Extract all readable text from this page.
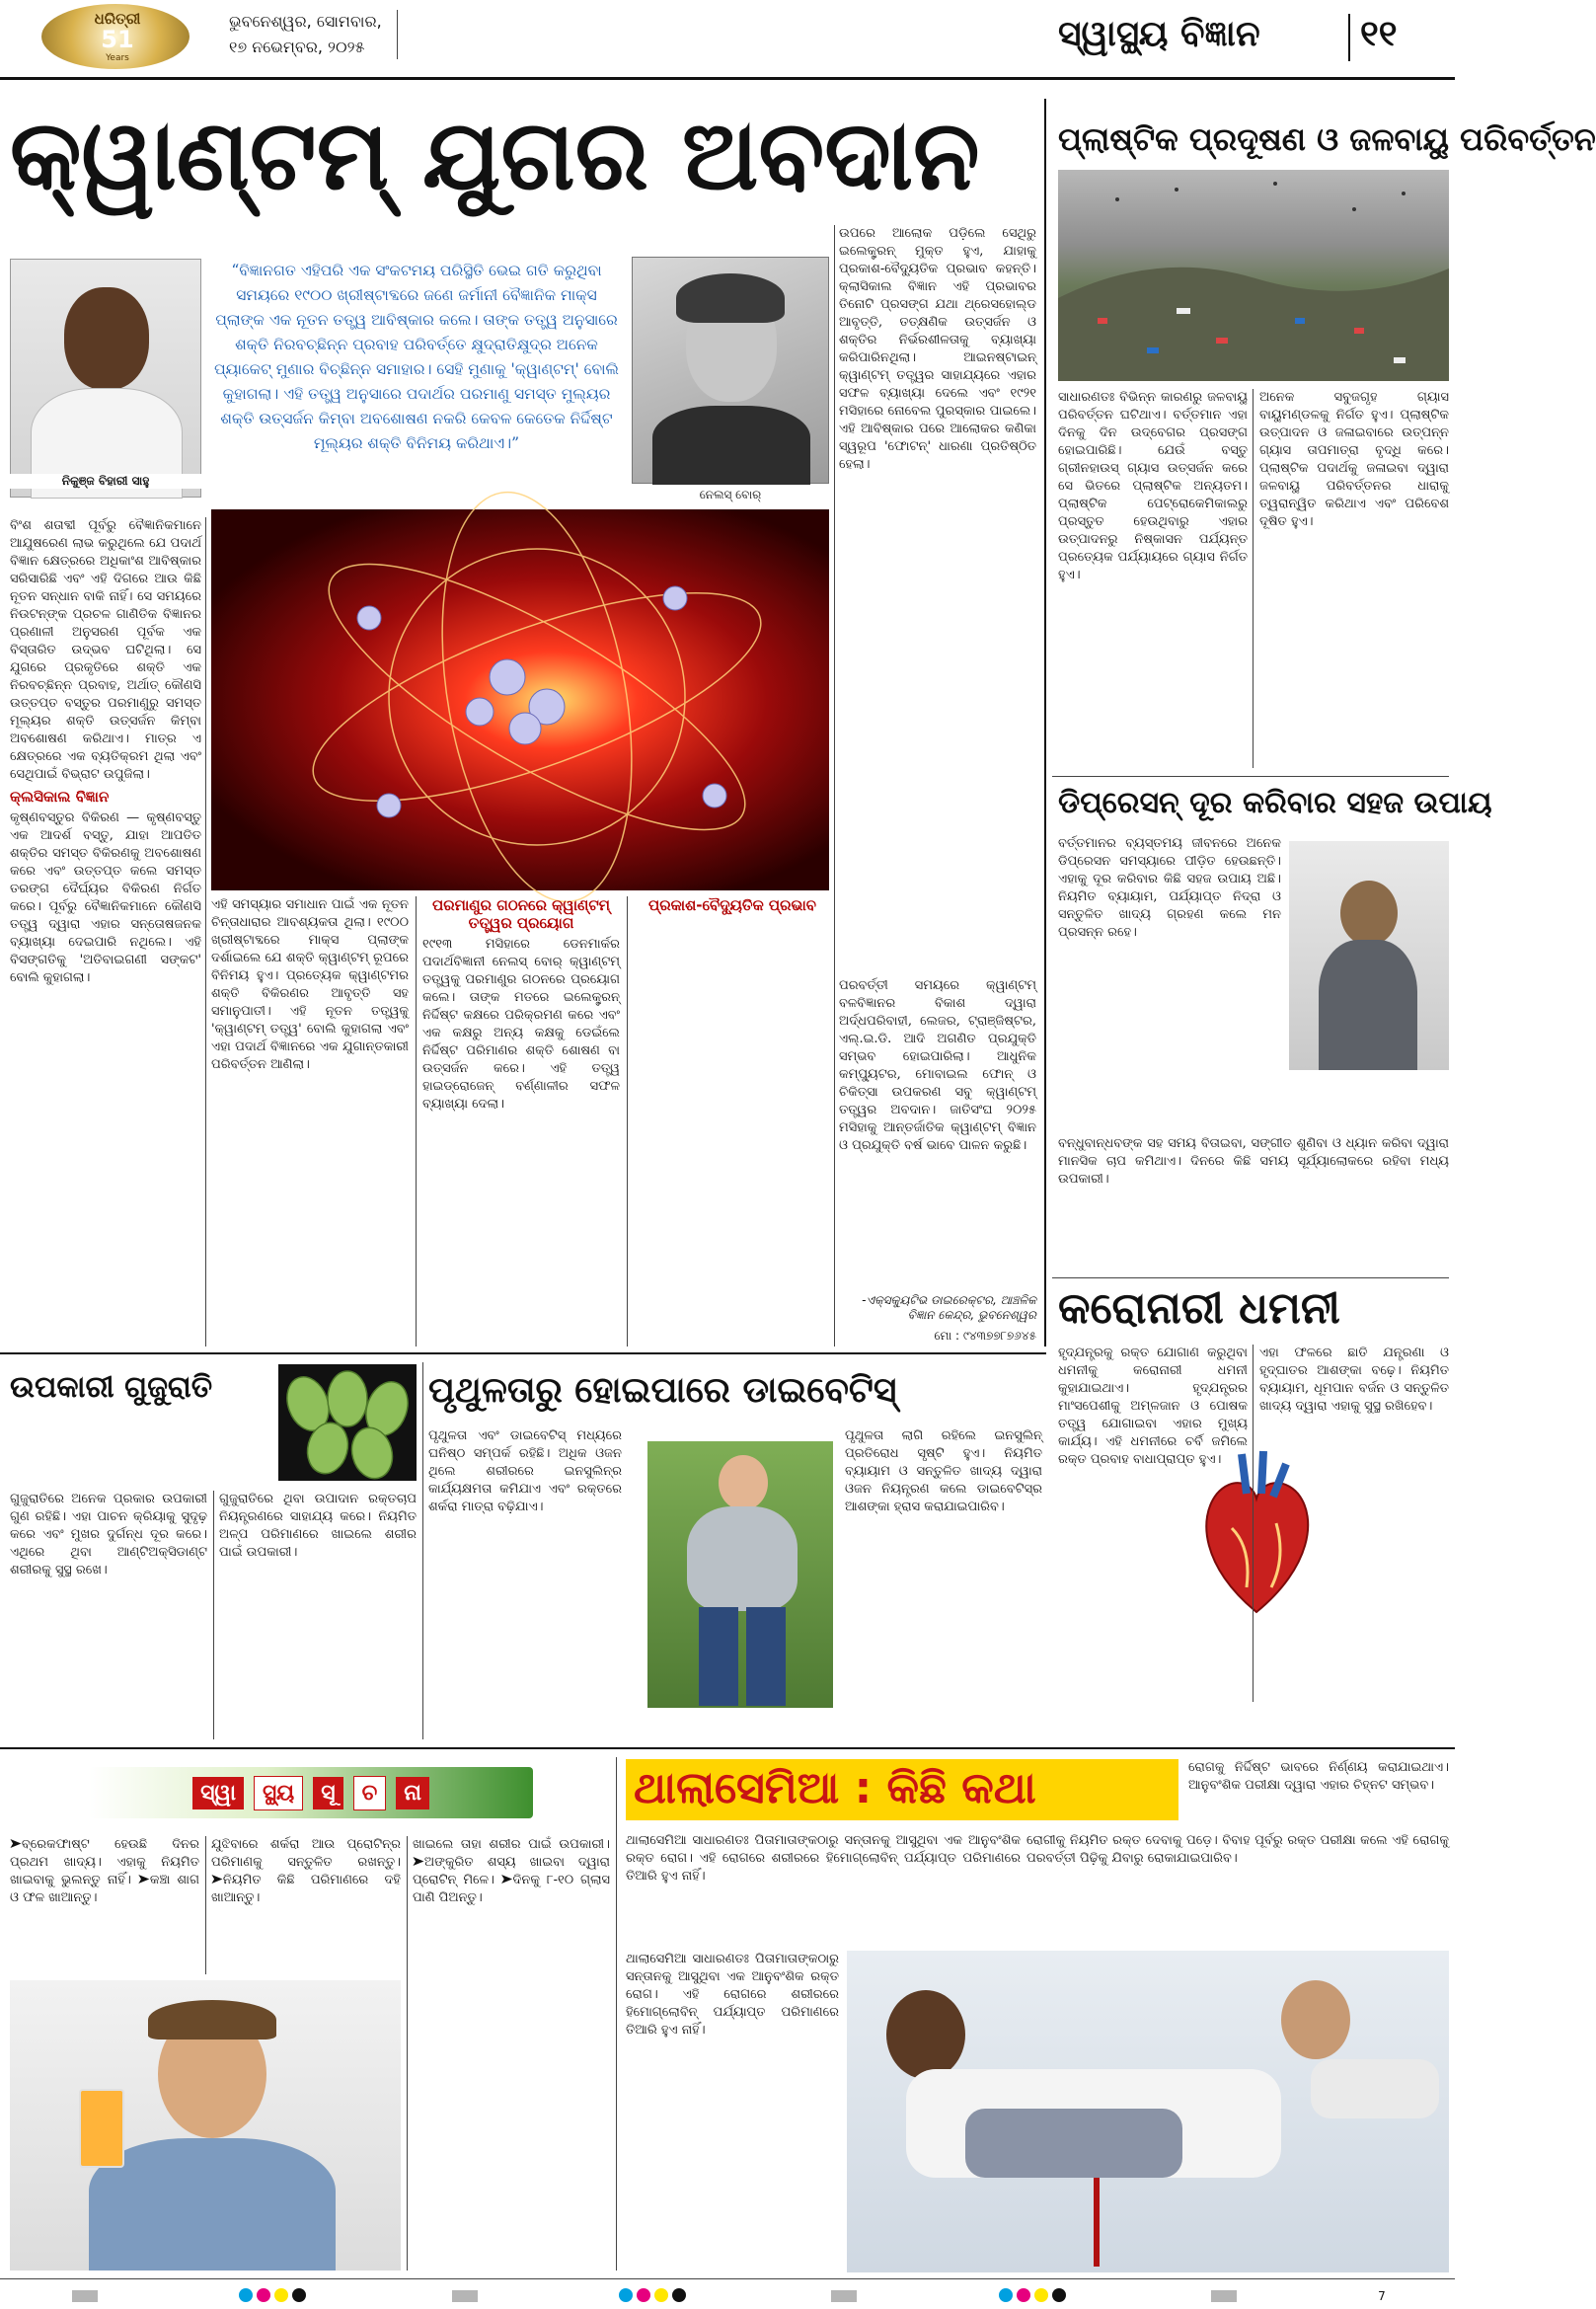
ଧରିତ୍ରୀ
51
Years
ଭୁବନେଶ୍ୱର, ସୋମବାର,
୧୭ ନଭେମ୍ବର, ୨୦୨୫	ସ୍ୱାସ୍ଥ୍ୟ ବିଜ୍ଞାନ	୧୧
କ୍ୱାଣ୍ଟମ୍ ଯୁଗର ଅବଦାନ
ନିକୁଞ୍ଜ ବିହାରୀ ସାହୁ
“ବିଜ୍ଞାନଗତ ଏହିପରି ଏକ ସଂକଟମୟ ପରିସ୍ଥିତି ଭେଇ ଗତି କରୁଥିବା ସମୟରେ ୧୯୦୦ ଖ୍ରୀଷ୍ଟାବ୍ଦରେ ଜଣେ ଜର୍ମାନୀ ବୈଜ୍ଞାନିକ ମାକ୍ସ ପ୍ଲାଙ୍କ ଏକ ନୂତନ ତତ୍ତ୍ୱ ଆବିଷ୍କାର କଲେ। ତାଙ୍କ ତତ୍ତ୍ୱ ଅନୁସାରେ ଶକ୍ତି ନିରବଚ୍ଛିନ୍ନ ପ୍ରବାହ ପରିବର୍ତ୍ତେ କ୍ଷୁଦ୍ରାତିକ୍ଷୁଦ୍ର ଅନେକ ପ୍ୟାକେଟ୍ ମୁଣାର ବିଚ୍ଛିନ୍ନ ସମାହାର। ସେହି ମୁଣାକୁ 'କ୍ୱାଣ୍ଟମ୍' ବୋଲି କୁହାଗଲା। ଏହି ତତ୍ତ୍ୱ ଅନୁସାରେ ପଦାର୍ଥର ପରମାଣୁ ସମସ୍ତ ମୁଲ୍ୟର ଶକ୍ତି ଉତ୍ସର୍ଜନ କିମ୍ବା ଅବଶୋଷଣ ନକରି କେବଳ କେତେକ ନିର୍ଦ୍ଦିଷ୍ଟ ମୂଲ୍ୟର ଶକ୍ତି ବିନିମୟ କରିଥାଏ।”
ନେଲସ୍ ବୋର୍

ବିଂଶ ଶତାବ୍ଦୀ ପୂର୍ବରୁ ବୈଜ୍ଞାନିକମାନେ ଆଯୁଷରେଣ ଲାଭ କରୁଥିଲେ ଯେ ପଦାର୍ଥ ବିଜ୍ଞାନ କ୍ଷେତ୍ରରେ ଅଧିକାଂଶ ଆବିଷ୍କାର ସରିସାରିଛି ଏବଂ ଏହି ଦିଗରେ ଆଉ କିଛି ନୂତନ ସନ୍ଧାନ ବାକି ନାହିଁ। ସେ ସମୟରେ ନିଉଟନ୍‌ଙ୍କ ପ୍ରଚଳ ଗାଣିତିକ ବିଜ୍ଞାନର ପ୍ରଣାଳୀ ଅନୁସରଣ ପୂର୍ବକ ଏକ ବିସ୍ତାରିତ ଉଦ୍ଭବ ଘଟିଥିଲା। ସେ ଯୁଗରେ ପ୍ରକୃତିରେ ଶକ୍ତି ଏକ ନିରବଚ୍ଛିନ୍ନ ପ୍ରବାହ, ଅର୍ଥାତ୍ କୌଣସି ଉତ୍ତପ୍ତ ବସ୍ତୁର ପରମାଣୁରୁ ସମସ୍ତ ମୂଲ୍ୟର ଶକ୍ତି ଉତ୍ସର୍ଜନ କିମ୍ବା ଅବଶୋଷଣ କରିଥାଏ। ମାତ୍ର ଏ କ୍ଷେତ୍ରରେ ଏକ ବ୍ୟତିକ୍ରମ ଥିଲା ଏବଂ ସେଥିପାଇଁ ବିଭ୍ରାଟ ଉପୁଜିଲା।

କ୍ଲସିକାଲ ବିଜ୍ଞାନ

କୃଷ୍ଣବସ୍ତୁର ବିକିରଣ — କୃଷ୍ଣବସ୍ତୁ ଏକ ଆଦର୍ଶ ବସ୍ତୁ, ଯାହା ଆପତିତ ଶକ୍ତିର ସମସ୍ତ ବିକିରଣକୁ ଅବଶୋଷଣ କରେ ଏବଂ ଉତ୍ତପ୍ତ କଲେ ସମସ୍ତ ତରଙ୍ଗ ଦୈର୍ଘ୍ୟର ବିକିରଣ ନିର୍ଗତ କରେ। ପୂର୍ବରୁ ବୈଜ୍ଞାନିକମାନେ କୌଣସି ତତ୍ତ୍ୱ ଦ୍ୱାରା ଏହାର ସନ୍ତୋଷଜନକ ବ୍ୟାଖ୍ୟା ଦେଇପାରି ନଥିଲେ। ଏହି ବିସଙ୍ଗତିକୁ 'ଅତିବାଇଗଣୀ ସଙ୍କଟ' ବୋଲି କୁହାଗଲା।

ଏହି ସମସ୍ୟାର ସମାଧାନ ପାଇଁ ଏକ ନୂତନ ଚିନ୍ତାଧାରାର ଆବଶ୍ୟକତା ଥିଲା। ୧୯୦୦ ଖ୍ରୀଷ୍ଟାବ୍ଦରେ ମାକ୍ସ ପ୍ଲାଙ୍କ ଦର୍ଶାଇଲେ ଯେ ଶକ୍ତି କ୍ୱାଣ୍ଟମ୍ ରୂପରେ ବିନିମୟ ହୁଏ। ପ୍ରତ୍ୟେକ କ୍ୱାଣ୍ଟମର ଶକ୍ତି ବିକିରଣର ଆବୃତ୍ତି ସହ ସମାନୁପାତୀ। ଏହି ନୂତନ ତତ୍ତ୍ୱକୁ 'କ୍ୱାଣ୍ଟମ୍ ତତ୍ତ୍ୱ' ବୋଲି କୁହାଗଲା ଏବଂ ଏହା ପଦାର୍ଥ ବିଜ୍ଞାନରେ ଏକ ଯୁଗାନ୍ତକାରୀ ପରିବର୍ତ୍ତନ ଆଣିଲା।

ପରମାଣୁର ଗଠନରେ କ୍ୱାଣ୍ଟମ୍ ତତ୍ତ୍ୱର ପ୍ରୟୋଗ

୧୯୧୩ ମସିହାରେ ଡେନମାର୍କର ପଦାର୍ଥବିଜ୍ଞାନୀ ନେଲସ୍ ବୋର୍ କ୍ୱାଣ୍ଟମ୍ ତତ୍ତ୍ୱକୁ ପରମାଣୁର ଗଠନରେ ପ୍ରୟୋଗ କଲେ। ତାଙ୍କ ମତରେ ଇଲେକ୍ଟ୍ରନ୍ ନିର୍ଦ୍ଦିଷ୍ଟ କକ୍ଷରେ ପରିକ୍ରମଣ କରେ ଏବଂ ଏକ କକ୍ଷରୁ ଅନ୍ୟ କକ୍ଷକୁ ଡେଇଁଲେ ନିର୍ଦ୍ଦିଷ୍ଟ ପରିମାଣର ଶକ୍ତି ଶୋଷଣ ବା ଉତ୍ସର୍ଜନ କରେ। ଏହି ତତ୍ତ୍ୱ ହାଇଡ୍ରୋଜେନ୍ ବର୍ଣ୍ଣାଳୀର ସଫଳ ବ୍ୟାଖ୍ୟା ଦେଲା।

ପ୍ରକାଶ-ବୈଦ୍ୟୁତିକ ପ୍ରଭାବ

ଉପରେ ଆଲୋକ ପଡ଼ିଲେ ସେଥିରୁ ଇଲେକ୍ଟ୍ରନ୍ ମୁକ୍ତ ହୁଏ, ଯାହାକୁ ପ୍ରକାଶ-ବୈଦ୍ୟୁତିକ ପ୍ରଭାବ କହନ୍ତି। କ୍ଲାସିକାଲ ବିଜ୍ଞାନ ଏହି ପ୍ରଭାବର ତିନୋଟି ପ୍ରସଙ୍ଗ ଯଥା ଥ୍ରେସହୋଲ୍ଡ ଆବୃତ୍ତି, ତତ୍କ୍ଷଣିକ ଉତ୍ସର୍ଜନ ଓ ଶକ୍ତିର ନିର୍ଭରଶୀଳତାକୁ ବ୍ୟାଖ୍ୟା କରିପାରିନଥିଲା। ଆଇନଷ୍ଟାଇନ୍ କ୍ୱାଣ୍ଟମ୍ ତତ୍ତ୍ୱର ସାହାଯ୍ୟରେ ଏହାର ସଫଳ ବ୍ୟାଖ୍ୟା ଦେଲେ ଏବଂ ୧୯୨୧ ମସିହାରେ ନୋବେଲ ପୁରସ୍କାର ପାଇଲେ। ଏହି ଆବିଷ୍କାର ପରେ ଆଲୋକର କଣିକା ସ୍ୱରୂପ 'ଫୋଟନ୍' ଧାରଣା ପ୍ରତିଷ୍ଠିତ ହେଲା।

ପରବର୍ତ୍ତୀ ସମୟରେ କ୍ୱାଣ୍ଟମ୍ ବଳବିଜ୍ଞାନର ବିକାଶ ଦ୍ୱାରା ଅର୍ଦ୍ଧପରିବାହୀ, ଲେଜର, ଟ୍ରାଞ୍ଜିଷ୍ଟର, ଏଲ୍.ଇ.ଡି. ଆଦି ଅଗଣିତ ପ୍ରଯୁକ୍ତି ସମ୍ଭବ ହୋଇପାରିଲା। ଆଧୁନିକ କମ୍ପ୍ୟୁଟର, ମୋବାଇଲ ଫୋନ୍ ଓ ଚିକିତ୍ସା ଉପକରଣ ସବୁ କ୍ୱାଣ୍ଟମ୍ ତତ୍ତ୍ୱର ଅବଦାନ। ଜାତିସଂଘ ୨୦୨୫ ମସିହାକୁ ଆନ୍ତର୍ଜାତିକ କ୍ୱାଣ୍ଟମ୍ ବିଜ୍ଞାନ ଓ ପ୍ରଯୁକ୍ତି ବର୍ଷ ଭାବେ ପାଳନ କରୁଛି।

-ଏକ୍ସକ୍ୟୁଟିଭ ଡାଇରେକ୍ଟର, ଆଞ୍ଚଳିକ ବିଜ୍ଞାନ କେନ୍ଦ୍ର, ଭୁବନେଶ୍ୱର
ମୋ : ୯୪୩୭୭୮୭୬୪୫
ପ୍ଲାଷ୍ଟିକ ପ୍ରଦୂଷଣ ଓ ଜଳବାୟୁ ପରିବର୍ତ୍ତନ

ସାଧାରଣତଃ ବିଭିନ୍ନ କାରଣରୁ ଜଳବାୟୁ ପରିବର୍ତ୍ତନ ଘଟିଥାଏ। ବର୍ତ୍ତମାନ ଏହା ଦିନକୁ ଦିନ ଉଦ୍‌ବେଗର ପ୍ରସଙ୍ଗ ହୋଇପାରିଛି। ଯେଉଁ ବସ୍ତୁ ଗ୍ରୀନହାଉସ୍ ଗ୍ୟାସ ଉତ୍ସର୍ଜନ କରେ ସେ ଭିତରେ ପ୍ଲାଷ୍ଟିକ ଅନ୍ୟତମ। ପ୍ଲାଷ୍ଟିକ ପେଟ୍ରୋକେମିକାଲରୁ ପ୍ରସ୍ତୁତ ହେଉଥିବାରୁ ଏହାର ଉତ୍ପାଦନରୁ ନିଷ୍କାସନ ପର୍ଯ୍ୟନ୍ତ ପ୍ରତ୍ୟେକ ପର୍ଯ୍ୟାୟରେ ଗ୍ୟାସ ନିର୍ଗତ ହୁଏ।

ଅନେକ ସବୁଜଗୃହ ଗ୍ୟାସ ବାୟୁମଣ୍ଡଳକୁ ନିର୍ଗତ ହୁଏ। ପ୍ଲାଷ୍ଟିକ ଉତ୍ପାଦନ ଓ ଜଳାଇବାରେ ଉତ୍ପନ୍ନ ଗ୍ୟାସ ତାପମାତ୍ରା ବୃଦ୍ଧି କରେ। ପ୍ଲାଷ୍ଟିକ ପଦାର୍ଥକୁ ଜଳାଇବା ଦ୍ୱାରା ଜଳବାୟୁ ପରିବର୍ତ୍ତନର ଧାରାକୁ ତ୍ୱରାନ୍ୱିତ କରିଥାଏ ଏବଂ ପରିବେଶ ଦୂଷିତ ହୁଏ।

ଡିପ୍ରେସନ୍ ଦୂର କରିବାର ସହଜ ଉପାୟ

ବର୍ତ୍ତମାନର ବ୍ୟସ୍ତମୟ ଜୀବନରେ ଅନେକ ଡିପ୍ରେସନ ସମସ୍ୟାରେ ପୀଡ଼ିତ ହେଉଛନ୍ତି। ଏହାକୁ ଦୂର କରିବାର କିଛି ସହଜ ଉପାୟ ଅଛି। ନିୟମିତ ବ୍ୟାୟାମ, ପର୍ଯ୍ୟାପ୍ତ ନିଦ୍ରା ଓ ସନ୍ତୁଳିତ ଖାଦ୍ୟ ଗ୍ରହଣ କଲେ ମନ ପ୍ରସନ୍ନ ରହେ।

ବନ୍ଧୁବାନ୍ଧବଙ୍କ ସହ ସମୟ ବିତାଇବା, ସଙ୍ଗୀତ ଶୁଣିବା ଓ ଧ୍ୟାନ କରିବା ଦ୍ୱାରା ମାନସିକ ଚାପ କମିଥାଏ। ଦିନରେ କିଛି ସମୟ ସୂର୍ଯ୍ୟାଲୋକରେ ରହିବା ମଧ୍ୟ ଉପକାରୀ।

କରୋନାରୀ ଧମନୀ

ହୃଦ୍‌ଯନ୍ତ୍ରକୁ ରକ୍ତ ଯୋଗାଣ କରୁଥିବା ଧମନୀକୁ କରୋନାରୀ ଧମନୀ କୁହାଯାଇଥାଏ। ହୃଦ୍‌ଯନ୍ତ୍ରର ମାଂସପେଶୀକୁ ଅମ୍ଳଜାନ ଓ ପୋଷକ ତତ୍ତ୍ୱ ଯୋଗାଇବା ଏହାର ମୁଖ୍ୟ କାର୍ଯ୍ୟ। ଏହି ଧମନୀରେ ଚର୍ବି ଜମିଲେ ରକ୍ତ ପ୍ରବାହ ବାଧାପ୍ରାପ୍ତ ହୁଏ।

ଏହା ଫଳରେ ଛାତି ଯନ୍ତ୍ରଣା ଓ ହୃଦ୍‌ଘାତର ଆଶଙ୍କା ବଢ଼େ। ନିୟମିତ ବ୍ୟାୟାମ, ଧୂମପାନ ବର୍ଜନ ଓ ସନ୍ତୁଳିତ ଖାଦ୍ୟ ଦ୍ୱାରା ଏହାକୁ ସୁସ୍ଥ ରଖିହେବ।

ଉପକାରୀ ଗୁଜୁରାତି

ଗୁଜୁରାତିରେ ଅନେକ ପ୍ରକାର ଉପକାରୀ ଗୁଣ ରହିଛି। ଏହା ପାଚନ କ୍ରିୟାକୁ ସୁଦୃଢ଼ କରେ ଏବଂ ମୁଖର ଦୁର୍ଗନ୍ଧ ଦୂର କରେ। ଏଥିରେ ଥିବା ଆଣ୍ଟିଅକ୍ସିଡାଣ୍ଟ ଶରୀରକୁ ସୁସ୍ଥ ରଖେ।

ଗୁଜୁରାତିରେ ଥିବା ଉପାଦାନ ରକ୍ତଚାପ ନିୟନ୍ତ୍ରଣରେ ସାହାଯ୍ୟ କରେ। ନିୟମିତ ଅଳ୍ପ ପରିମାଣରେ ଖାଇଲେ ଶରୀର ପାଇଁ ଉପକାରୀ।

ପୃଥୁଳତାରୁ ହୋଇପାରେ ଡାଇବେଟିସ୍

ପୃଥୁଳତା ଏବଂ ଡାଇବେଟିସ୍ ମଧ୍ୟରେ ଘନିଷ୍ଠ ସମ୍ପର୍କ ରହିଛି। ଅଧିକ ଓଜନ ଥିଲେ ଶରୀରରେ ଇନସୁଲିନ୍‌ର କାର୍ଯ୍ୟକ୍ଷମତା କମିଯାଏ ଏବଂ ରକ୍ତରେ ଶର୍କରା ମାତ୍ରା ବଢ଼ିଯାଏ।

ପୃଥୁଳତା ଲାଗି ରହିଲେ ଇନସୁଲିନ୍ ପ୍ରତିରୋଧ ସୃଷ୍ଟି ହୁଏ। ନିୟମିତ ବ୍ୟାୟାମ ଓ ସନ୍ତୁଳିତ ଖାଦ୍ୟ ଦ୍ୱାରା ଓଜନ ନିୟନ୍ତ୍ରଣ କଲେ ଡାଇବେଟିସ୍‌ର ଆଶଙ୍କା ହ୍ରାସ କରାଯାଇପାରିବ।

ସ୍ୱା	ସ୍ଥ୍ୟ	ସୂ	ଚ	ନା

➤ବ୍ରେକଫାଷ୍ଟ ହେଉଛି ଦିନର ପ୍ରଥମ ଖାଦ୍ୟ। ଏହାକୁ ନିୟମିତ ଖାଇବାକୁ ଭୁଲନ୍ତୁ ନାହିଁ। ➤କଞ୍ଚା ଶାଗ ଓ ଫଳ ଖାଆନ୍ତୁ।

ଯୁଝିବାରେ ଶର୍କରା ଆଉ ପ୍ରୋଟିନ୍‌ର ପରିମାଣକୁ ସନ୍ତୁଳିତ ରଖନ୍ତୁ। ➤ନିୟମିତ କିଛି ପରିମାଣରେ ଦହି ଖାଆନ୍ତୁ।

ଖାଇଲେ ତାହା ଶରୀର ପାଇଁ ଉପକାରୀ। ➤ଅଙ୍କୁରିତ ଶସ୍ୟ ଖାଇବା ଦ୍ୱାରା ପ୍ରୋଟିନ୍ ମିଳେ। ➤ଦିନକୁ ୮-୧୦ ଗ୍ଲାସ ପାଣି ପିଅନ୍ତୁ।

ଥାଲାସେମିଆ : କିଛି କଥା	ରୋଗକୁ ନିର୍ଦ୍ଦିଷ୍ଟ ଭାବରେ ନିର୍ଣ୍ଣୟ କରାଯାଇଥାଏ। ଆନୁବଂଶିକ ପରୀକ୍ଷା ଦ୍ୱାରା ଏହାର ଚିହ୍ନଟ ସମ୍ଭବ।

ଥାଲାସେମିଆ ସାଧାରଣତଃ ପିତାମାତାଙ୍କଠାରୁ ସନ୍ତାନକୁ ଆସୁଥିବା ଏକ ଆନୁବଂଶିକ ରକ୍ତ ରୋଗ। ଏହି ରୋଗରେ ଶରୀରରେ ହିମୋଗ୍ଲୋବିନ୍ ପର୍ଯ୍ୟାପ୍ତ ପରିମାଣରେ ତିଆରି ହୁଏ ନାହିଁ।

ରୋଗୀକୁ ନିୟମିତ ରକ୍ତ ଦେବାକୁ ପଡ଼େ। ବିବାହ ପୂର୍ବରୁ ରକ୍ତ ପରୀକ୍ଷା କଲେ ଏହି ରୋଗକୁ ପରବର୍ତ୍ତୀ ପିଢ଼ିକୁ ଯିବାରୁ ରୋକାଯାଇପାରିବ।

ଥାଲାସେମିଆ ସାଧାରଣତଃ ପିତାମାତାଙ୍କଠାରୁ ସନ୍ତାନକୁ ଆସୁଥିବା ଏକ ଆନୁବଂଶିକ ରକ୍ତ ରୋଗ। ଏହି ରୋଗରେ ଶରୀରରେ ହିମୋଗ୍ଲୋବିନ୍ ପର୍ଯ୍ୟାପ୍ତ ପରିମାଣରେ ତିଆରି ହୁଏ ନାହିଁ।

7
